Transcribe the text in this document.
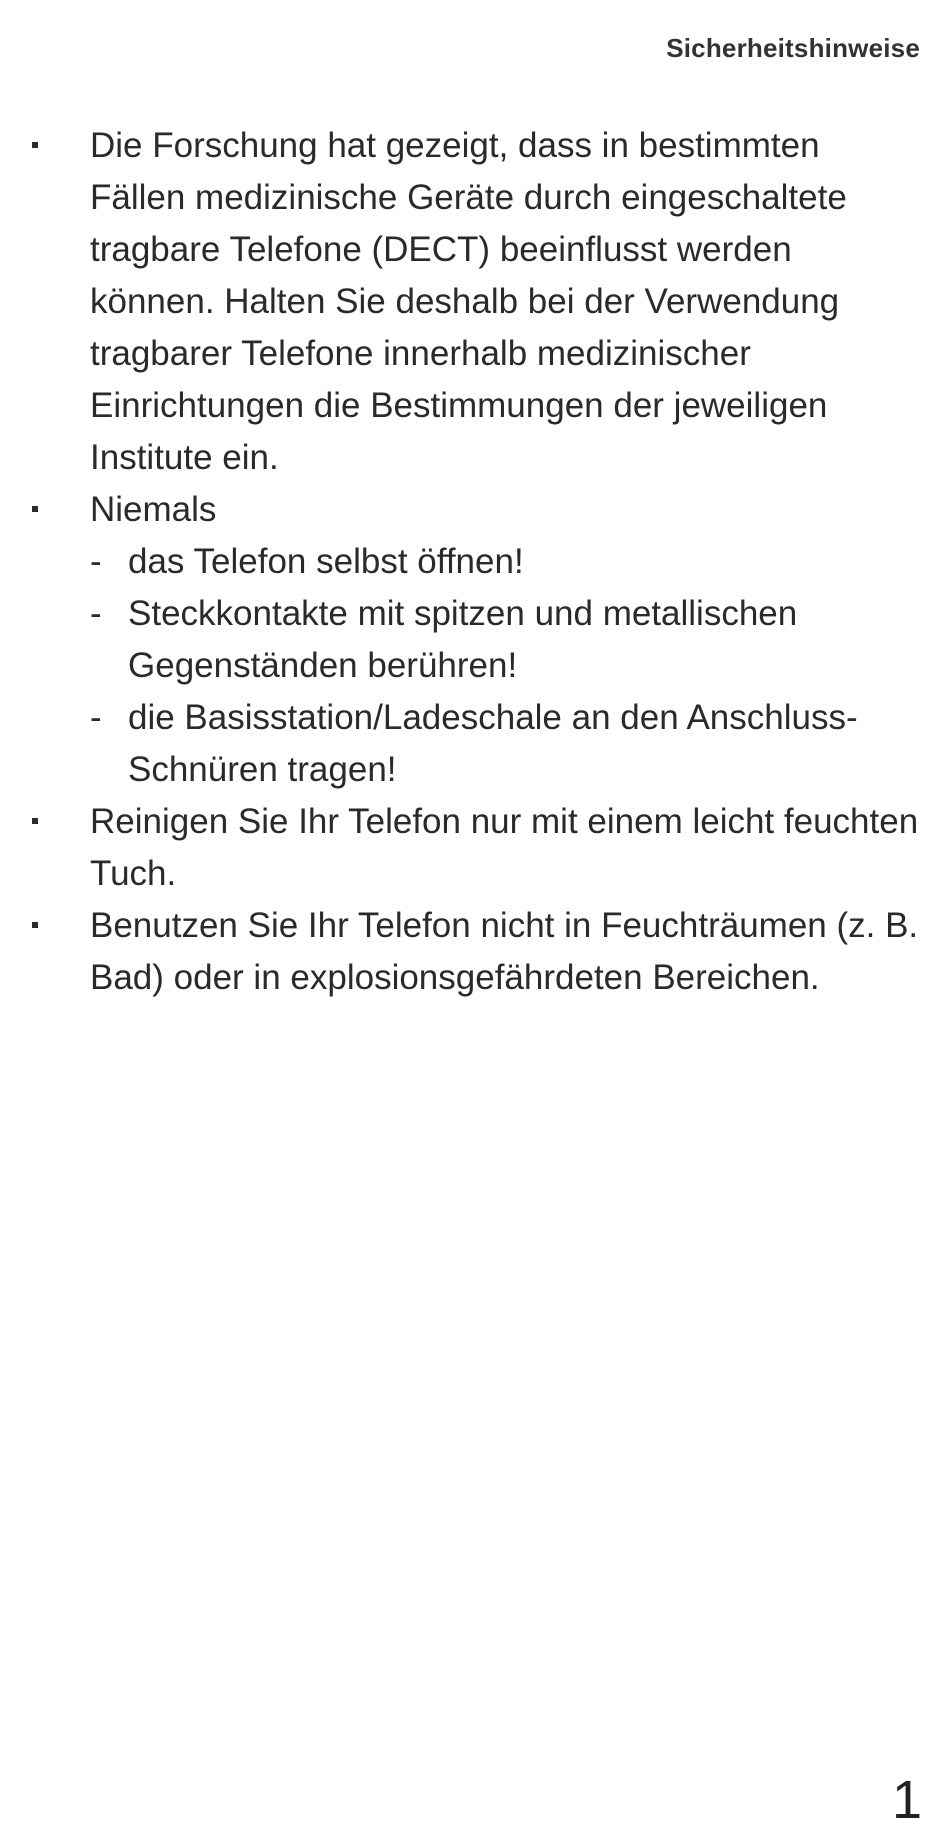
Sicherheitshinweise
Die Forschung hat gezeigt, dass in bestimmten Fällen medizinische Geräte durch eingeschaltete tragbare Telefone (DECT) beeinflusst werden können. Halten Sie deshalb bei der Verwendung tragbarer Telefone innerhalb medizinischer Einrichtungen die Bestimmungen der jeweiligen Institute ein.
Niemals
- das Telefon selbst öffnen!
- Steckkontakte mit spitzen und metallischen Gegenständen berühren!
- die Basisstation/Ladeschale an den Anschluss-Schnüren tragen!
Reinigen Sie Ihr Telefon nur mit einem leicht feuchten Tuch.
Benutzen Sie Ihr Telefon nicht in Feuchträumen (z. B. Bad) oder in explosionsgefährdeten Bereichen.
1
